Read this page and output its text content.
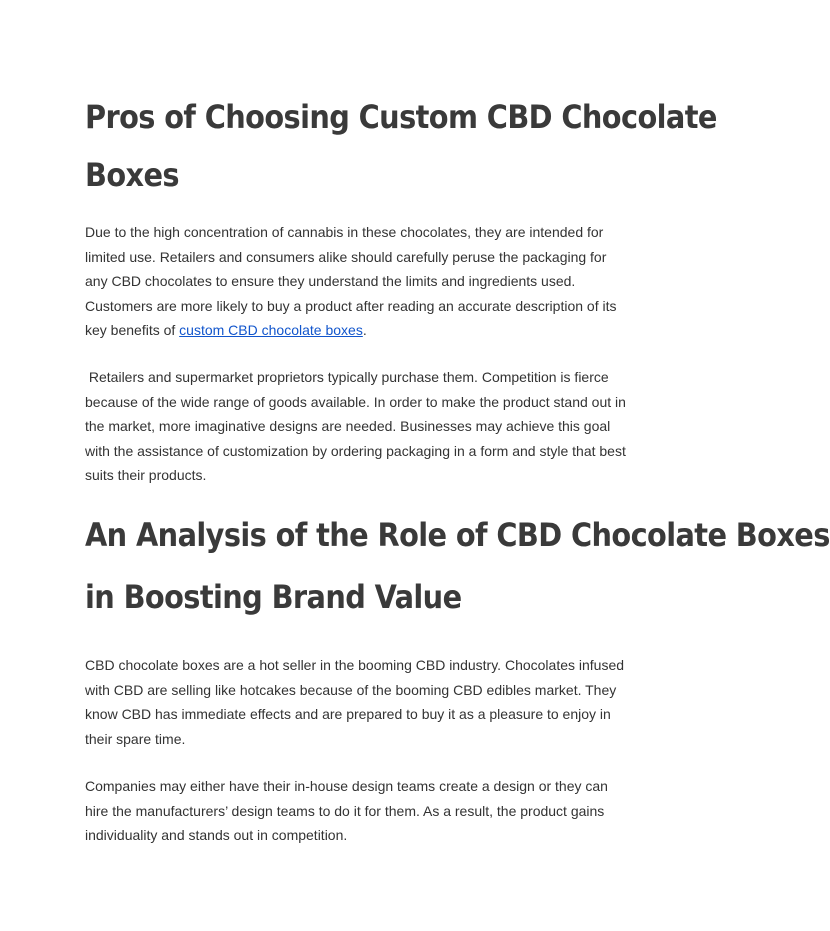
Pros of Choosing Custom CBD Chocolate
Boxes
Due to the high concentration of cannabis in these chocolates, they are intended for
limited use. Retailers and consumers alike should carefully peruse the packaging for
any CBD chocolates to ensure they understand the limits and ingredients used.
Customers are more likely to buy a product after reading an accurate description of its
key benefits of custom CBD chocolate boxes.
Retailers and supermarket proprietors typically purchase them. Competition is fierce
because of the wide range of goods available. In order to make the product stand out in
the market, more imaginative designs are needed. Businesses may achieve this goal
with the assistance of customization by ordering packaging in a form and style that best
suits their products.
An Analysis of the Role of CBD Chocolate Boxes
in Boosting Brand Value
CBD chocolate boxes are a hot seller in the booming CBD industry. Chocolates infused
with CBD are selling like hotcakes because of the booming CBD edibles market. They
know CBD has immediate effects and are prepared to buy it as a pleasure to enjoy in
their spare time.
Companies may either have their in-house design teams create a design or they can
hire the manufacturers’ design teams to do it for them. As a result, the product gains
individuality and stands out in competition.
